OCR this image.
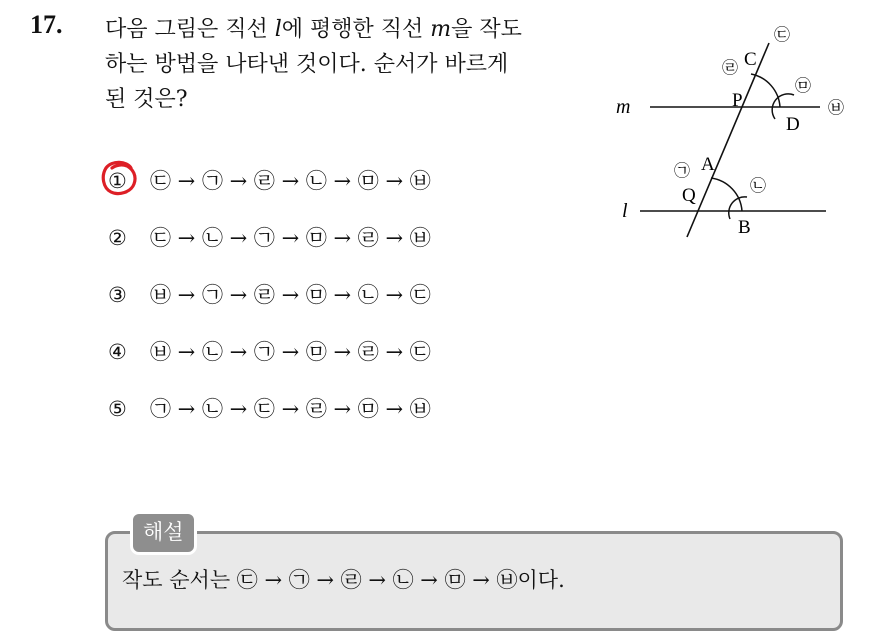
17. 다음 그림은 직선 l에 평행한 직선 m을 작도
하는 방법을 나타낸 것이다. 순서가 바르게
된 것은?
① ㉢ → ㉠ → ㉣ → ㉡ → ㉤ → ㉥
② ㉢ → ㉡ → ㉠ → ㉤ → ㉣ → ㉥
③ ㉥ → ㉠ → ㉣ → ㉤ → ㉡ → ㉢
④ ㉥ → ㉡ → ㉠ → ㉤ → ㉣ → ㉢
⑤ ㉠ → ㉡ → ㉢ → ㉣ → ㉤ → ㉥
m
l
A
B
C
D
P
Q
㉠
㉡
㉢
㉣
㉤
㉥
해설
작도 순서는 ㉢ → ㉠ → ㉣ → ㉡ → ㉤ → ㉥이다.
